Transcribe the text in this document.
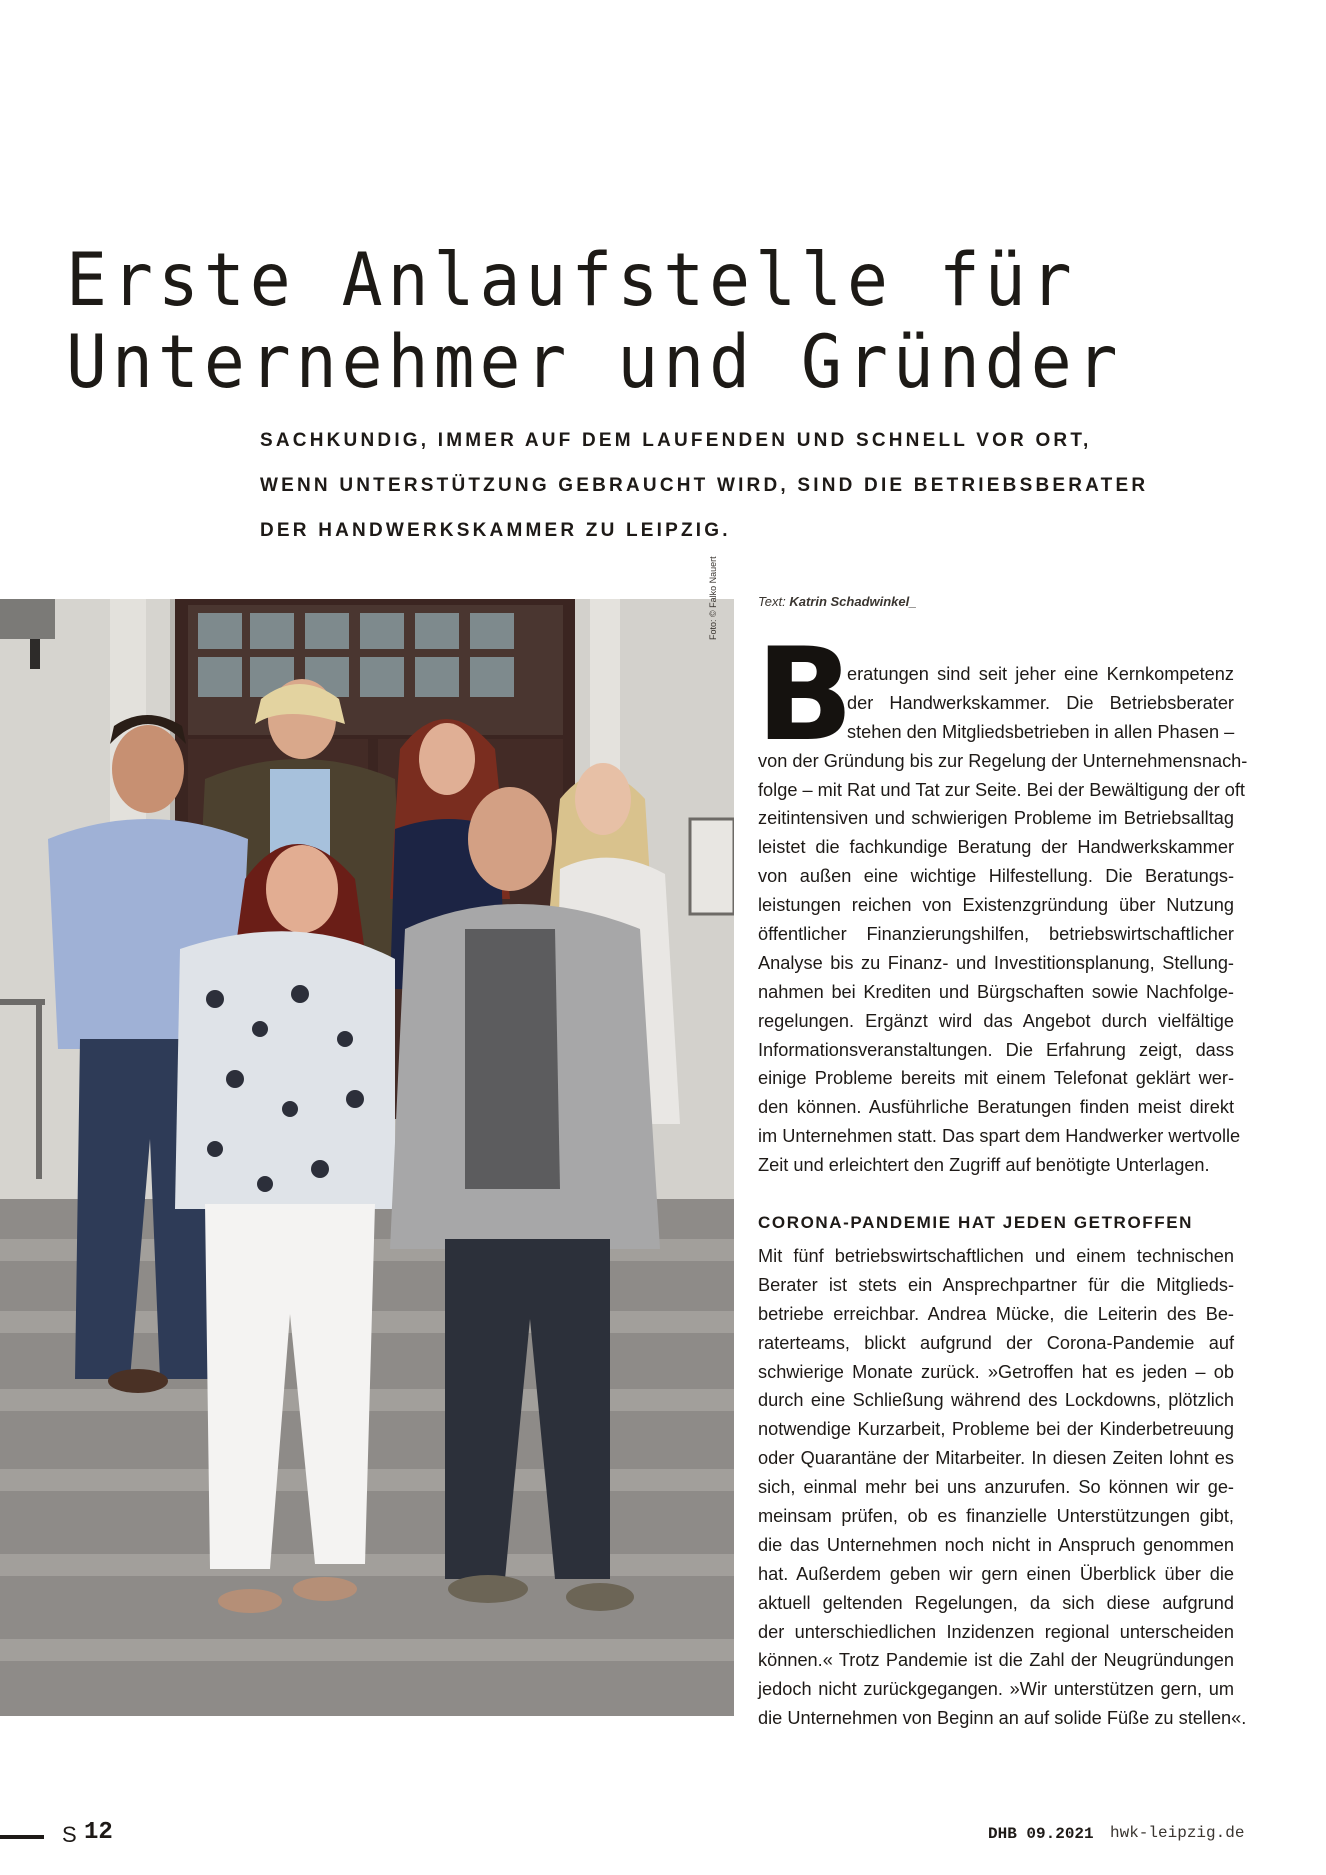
Erste Anlaufstelle für
Unternehmer und Gründer
SACHKUNDIG, IMMER AUF DEM LAUFENDEN UND SCHNELL VOR ORT,
WENN UNTERSTÜTZUNG GEBRAUCHT WIRD, SIND DIE BETRIEBSBERATER
DER HANDWERKSKAMMER ZU LEIPZIG.
Foto: © Falko Nauert	Text: Katrin Schadwinkel_
B
eratungen sind seit jeher eine Kernkompetenz
der Handwerkskammer. Die Betriebsberater
stehen den Mitgliedsbetrieben in allen Phasen –
von der Gründung bis zur Regelung der Unternehmensnach-
folge – mit Rat und Tat zur Seite. Bei der Bewältigung der oft
zeitintensiven und schwierigen Probleme im Betriebsalltag
leistet die fachkundige Beratung der Handwerkskammer
von außen eine wichtige Hilfestellung. Die Beratungs-
leistungen reichen von Existenzgründung über Nutzung
öffentlicher Finanzierungshilfen, betriebswirtschaftlicher
Analyse bis zu Finanz- und Investitionsplanung, Stellung-
nahmen bei Krediten und Bürgschaften sowie Nachfolge-
regelungen. Ergänzt wird das Angebot durch vielfältige
Informationsveranstaltungen. Die Erfahrung zeigt, dass
einige Probleme bereits mit einem Telefonat geklärt wer-
den können. Ausführliche Beratungen finden meist direkt
im Unternehmen statt. Das spart dem Handwerker wertvolle
Zeit und erleichtert den Zugriff auf benötigte Unterlagen.
CORONA-PANDEMIE HAT JEDEN GETROFFEN
Mit fünf betriebswirtschaftlichen und einem technischen
Berater ist stets ein Ansprechpartner für die Mitglieds-
betriebe erreichbar. Andrea Mücke, die Leiterin des Be-
raterteams, blickt aufgrund der Corona-Pandemie auf
schwierige Monate zurück. »Getroffen hat es jeden – ob
durch eine Schließung während des Lockdowns, plötzlich
notwendige Kurzarbeit, Probleme bei der Kinderbetreuung
oder Quarantäne der Mitarbeiter. In diesen Zeiten lohnt es
sich, einmal mehr bei uns anzurufen. So können wir ge-
meinsam prüfen, ob es finanzielle Unterstützungen gibt,
die das Unternehmen noch nicht in Anspruch genommen
hat. Außerdem geben wir gern einen Überblick über die
aktuell geltenden Regelungen, da sich diese aufgrund
der unterschiedlichen Inzidenzen regional unterscheiden
können.« Trotz Pandemie ist die Zahl der Neugründungen
jedoch nicht zurückgegangen. »Wir unterstützen gern, um
die Unternehmen von Beginn an auf solide Füße zu stellen«.
S 12	DHB 09.2021 hwk-leipzig.de
